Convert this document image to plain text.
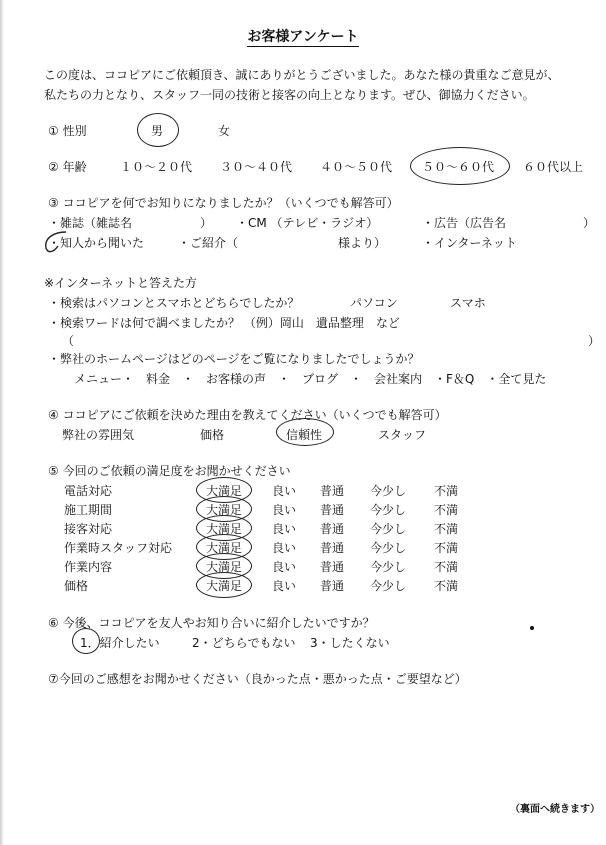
お客様アンケート
この度は、ココピアにご依頼頂き、誠にありがとうございました。あなた様の貴重なご意見が、
私たちの力となり、スタッフ一同の技術と接客の向上となります。ぜひ、御協力ください。
① 性別	男	女
② 年齢	１０～２０代 ３０～４０代 ４０～５０代 ５０～６０代 ６０代以上
③ ココピアを何でお知りになりましたか？（いくつでも解答可）
・雑誌（雑誌名	） ・CM （テレビ・ラジオ）	・広告（広告名	）
・知人から聞いた	・ご紹介（	様より）	・インターネット
※インターネットと答えた方
・検索はパソコンとスマホとどちらでしたか？	パソコン	スマホ
・検索ワードは何で調べましたか？ （例）岡山　遺品整理　など
（	）
・弊社のホームページはどのページをご覧になりましたでしょうか？
メニュー・　料金　・　お客様の声　・　ブログ　・　会社案内　・F＆Q　・全て見た
④ ココピアにご依頼を決めた理由を教えてください（いくつでも解答可）
弊社の雰囲気	価格	信頼性	スタッフ
⑤ 今回のご依頼の満足度をお聞かせください
電話対応	大満足 良い 普通 今少し 不満
施工期間	大満足 良い 普通 今少し 不満
接客対応	大満足 良い 普通 今少し 不満
作業時スタッフ対応	大満足 良い 普通 今少し 不満
作業内容	大満足 良い 普通 今少し 不満
価格	大満足 良い 普通 今少し 不満
⑥ 今後、ココピアを友人やお知り合いに紹介したいですか？
1．紹介したい	2・どちらでもない 3・したくない
⑦今回のご感想をお聞かせください（良かった点・悪かった点・ご要望など）
（裏面へ続きます）
